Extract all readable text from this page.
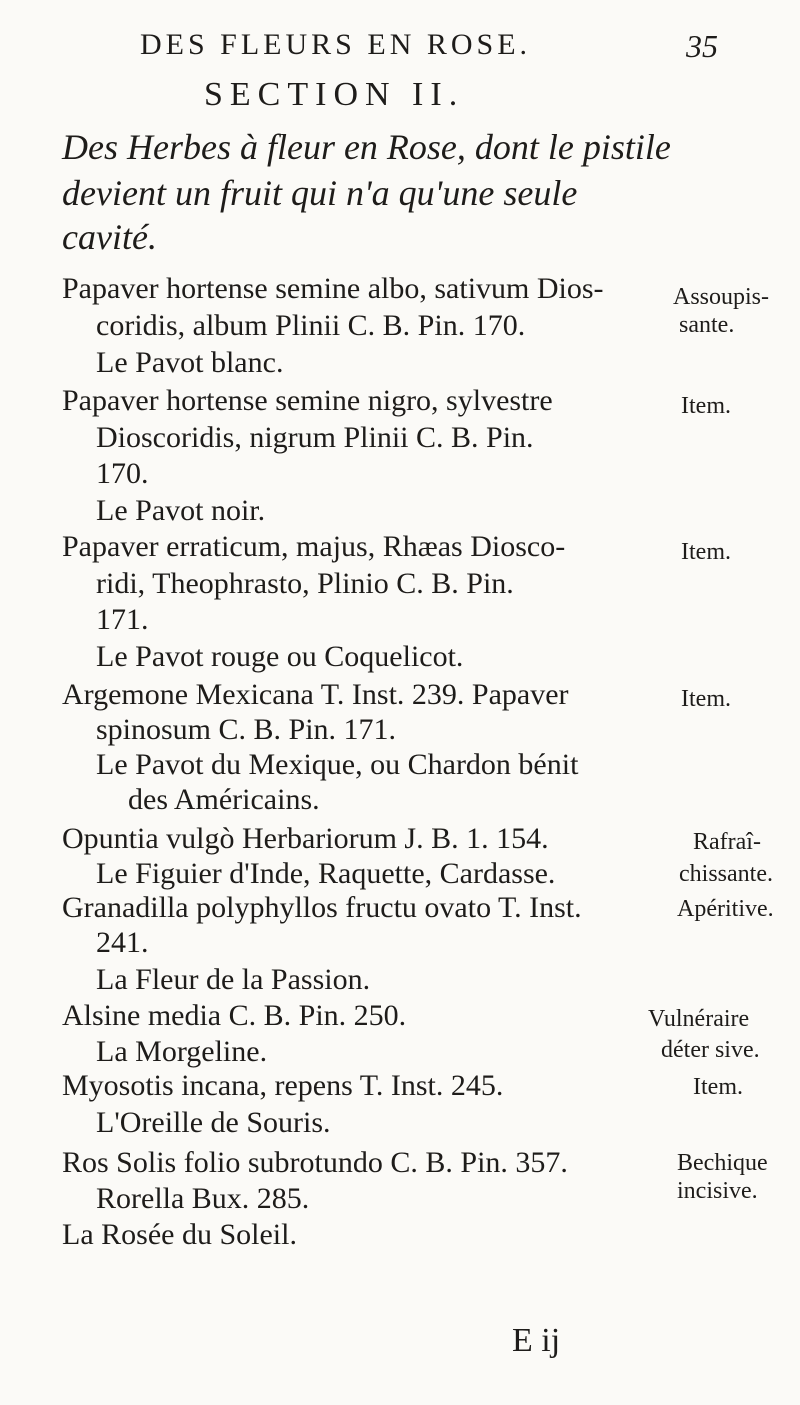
DES FLEURS EN ROSE.	35
SECTION II.
Des Herbes à fleur en Rose, dont le pistile
devient un fruit qui n'a qu'une seule
cavité.
Papaver hortense semine albo, sativum Dios-
coridis, album Plinii C. B. Pin. 170.
Le Pavot blanc.
Assoupis-
sante.
Papaver hortense semine nigro, sylvestre
Dioscoridis, nigrum Plinii C. B. Pin.
170.
Le Pavot noir.
Item.
Papaver erraticum, majus, Rhæas Diosco-
ridi, Theophrasto, Plinio C. B. Pin.
171.
Le Pavot rouge ou Coquelicot.
Item.
Argemone Mexicana T. Inst. 239. Papaver
spinosum C. B. Pin. 171.
Le Pavot du Mexique, ou Chardon bénit
des Américains.
Item.
Opuntia vulgò Herbariorum J. B. 1. 154.
Le Figuier d'Inde, Raquette, Cardasse.
Rafraî-
chissante.
Granadilla polyphyllos fructu ovato T. Inst.
241.
La Fleur de la Passion.
Apéritive.
Alsine media C. B. Pin. 250.
La Morgeline.
Vulnéraire
déter sive.
Myosotis incana, repens T. Inst. 245.
L'Oreille de Souris.
Item.
Ros Solis folio subrotundo C. B. Pin. 357.
Rorella Bux. 285.
La Rosée du Soleil.
Bechique
incisive.
E ij
